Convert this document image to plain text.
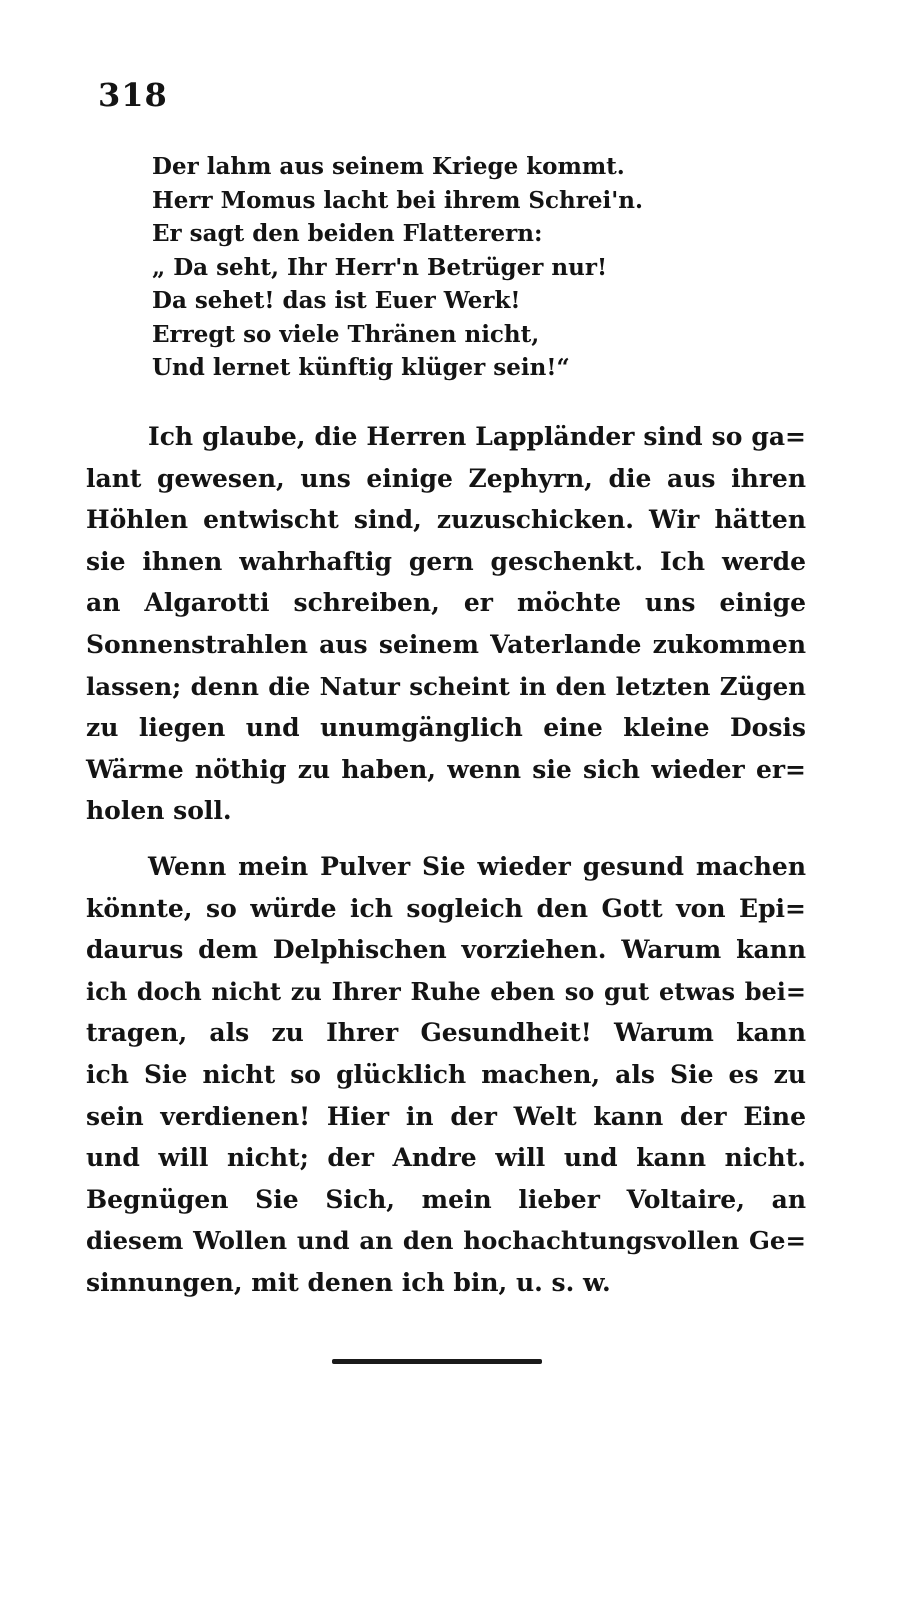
318
Der lahm aus seinem Kriege kommt.
Herr Momus lacht bei ihrem Schrei'n.
Er sagt den beiden Flatterern:
„ Da seht, Ihr Herr'n Betrüger nur!
Da sehet! das ist Euer Werk!
Erregt so viele Thränen nicht,
Und lernet künftig klüger sein!“
Ich glaube, die Herren Lappländer sind so ga=
lant gewesen, uns einige Zephyrn, die aus ihren
Höhlen entwischt sind, zuzuschicken. Wir hätten
sie ihnen wahrhaftig gern geschenkt. Ich werde
an Algarotti schreiben, er möchte uns einige
Sonnenstrahlen aus seinem Vaterlande zukommen
lassen; denn die Natur scheint in den letzten Zügen
zu liegen und unumgänglich eine kleine Dosis
Wärme nöthig zu haben, wenn sie sich wieder er=
holen soll.
Wenn mein Pulver Sie wieder gesund machen
könnte, so würde ich sogleich den Gott von Epi=
daurus dem Delphischen vorziehen. Warum kann
ich doch nicht zu Ihrer Ruhe eben so gut etwas bei=
tragen, als zu Ihrer Gesundheit! Warum kann
ich Sie nicht so glücklich machen, als Sie es zu
sein verdienen! Hier in der Welt kann der Eine
und will nicht; der Andre will und kann nicht.
Begnügen Sie Sich, mein lieber Voltaire, an
diesem Wollen und an den hochachtungsvollen Ge=
sinnungen, mit denen ich bin, u. s. w.
